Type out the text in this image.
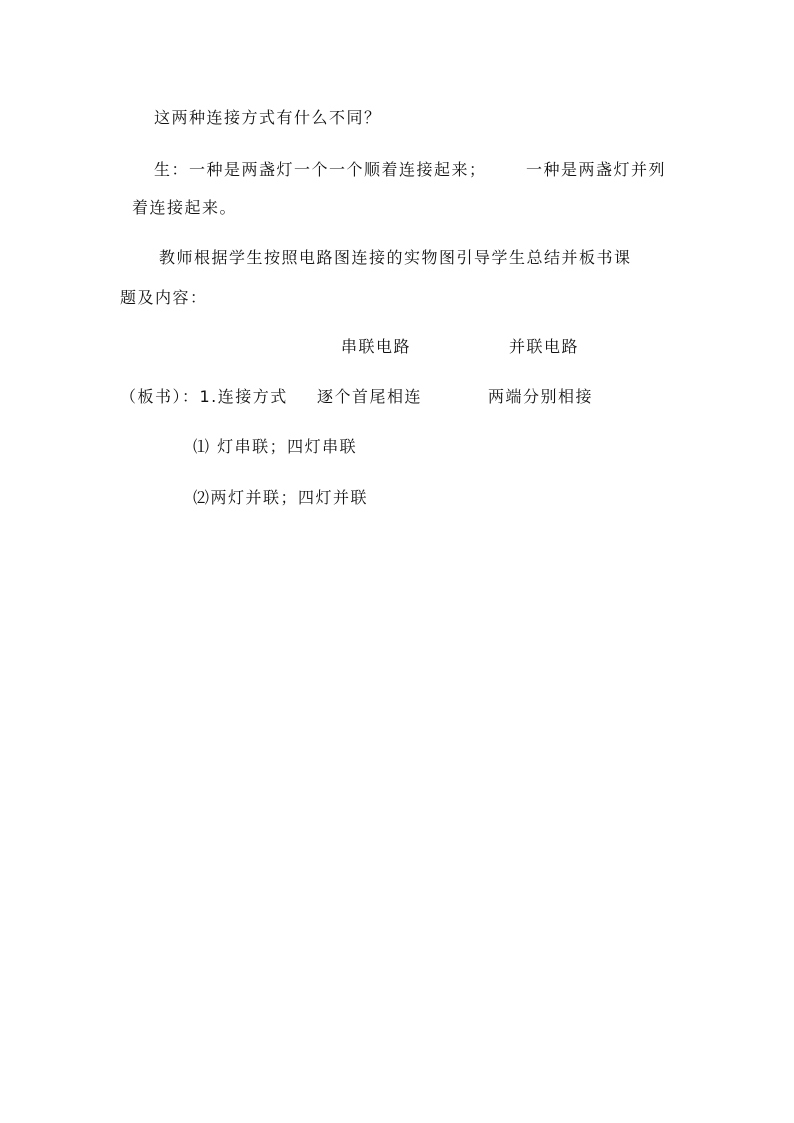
这两种连接方式有什么不同？
生：一种是两盏灯一个一个顺着连接起来； 一种是两盏灯并列
着连接起来。
教师根据学生按照电路图连接的实物图引导学生总结并板书课
题及内容：
串联电路	并联电路
（板书）：1.连接方式 逐个首尾相连	两端分别相接
⑴ 灯串联；四灯串联
⑵两灯并联；四灯并联
